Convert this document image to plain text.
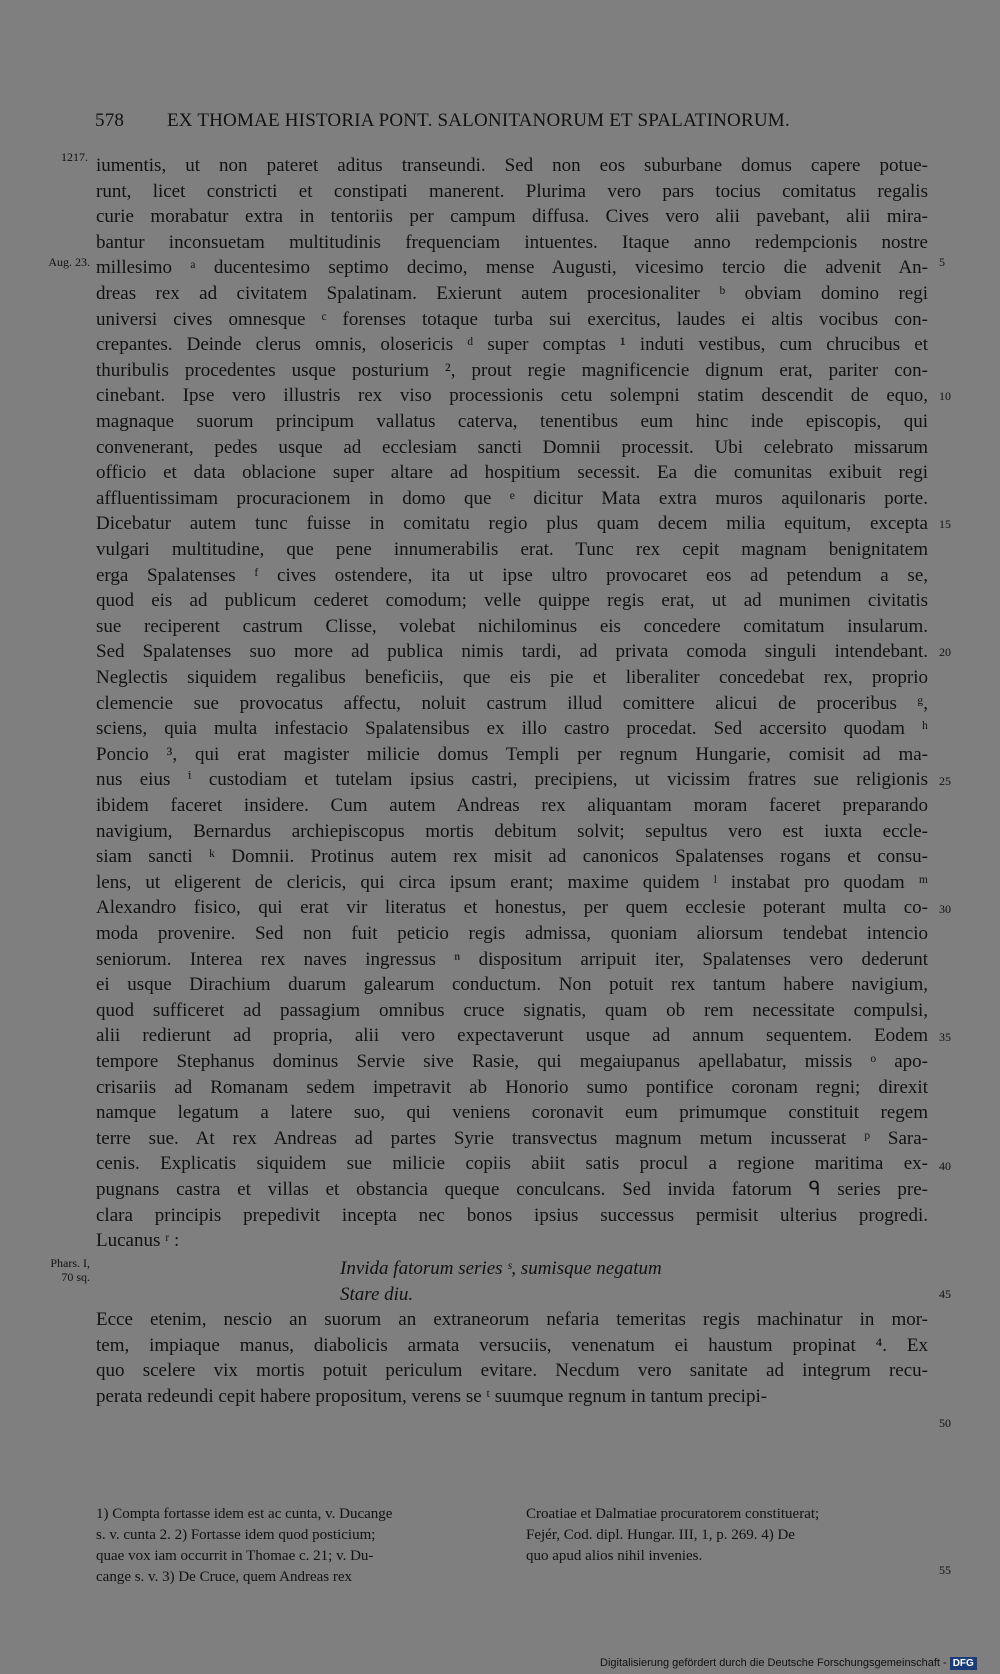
578 EX THOMAE HISTORIA PONT. SALONITANORUM ET SPALATINORUM.
iumentis, ut non pateret aditus transeundi. Sed non eos suburbane domus capere potue-
runt, licet constricti et constipati manerent. Plurima vero pars tocius comitatus regalis
curie morabatur extra in tentoriis per campum diffusa. Cives vero alii pavebant, alii mira-
bantur inconsuetam multitudinis frequenciam intuentes. Itaque anno redempcionis nostre
millesimo ᵃ ducentesimo septimo decimo, mense Augusti, vicesimo tercio die advenit An-
dreas rex ad civitatem Spalatinam. Exierunt autem procesionaliter ᵇ obviam domino regi
universi cives omnesque ᶜ forenses totaque turba sui exercitus, laudes ei altis vocibus con-
crepantes. Deinde clerus omnis, olosericis ᵈ super comptas ¹ induti vestibus, cum chrucibus et
thuribulis procedentes usque posturium ², prout regie magnificencie dignum erat, pariter con-
cinebant. Ipse vero illustris rex viso processionis cetu solempni statim descendit de equo,
magnaque suorum principum vallatus caterva, tenentibus eum hinc inde episcopis, qui
convenerant, pedes usque ad ecclesiam sancti Domnii processit. Ubi celebrato missarum
officio et data oblacione super altare ad hospitium secessit. Ea die comunitas exibuit regi
affluentissimam procuracionem in domo que ᵉ dicitur Mata extra muros aquilonaris porte.
Dicebatur autem tunc fuisse in comitatu regio plus quam decem milia equitum, excepta
vulgari multitudine, que pene innumerabilis erat. Tunc rex cepit magnam benignitatem
erga Spalatenses ᶠ cives ostendere, ita ut ipse ultro provocaret eos ad petendum a se,
quod eis ad publicum cederet comodum; velle quippe regis erat, ut ad munimen civitatis
sue reciperent castrum Clisse, volebat nichilominus eis concedere comitatum insularum.
Sed Spalatenses suo more ad publica nimis tardi, ad privata comoda singuli intendebant.
Neglectis siquidem regalibus beneficiis, que eis pie et liberaliter concedebat rex, proprio
clemencie sue provocatus affectu, noluit castrum illud comittere alicui de proceribus ᵍ,
sciens, quia multa infestacio Spalatensibus ex illo castro procedat. Sed accersito quodam ʰ
Poncio ³, qui erat magister milicie domus Templi per regnum Hungarie, comisit ad ma-
nus eius ⁱ custodiam et tutelam ipsius castri, precipiens, ut vicissim fratres sue religionis
ibidem faceret insidere. Cum autem Andreas rex aliquantam moram faceret preparando
navigium, Bernardus archiepiscopus mortis debitum solvit; sepultus vero est iuxta eccle-
siam sancti ᵏ Domnii. Protinus autem rex misit ad canonicos Spalatenses rogans et consu-
lens, ut eligerent de clericis, qui circa ipsum erant; maxime quidem ˡ instabat pro quodam ᵐ
Alexandro fisico, qui erat vir literatus et honestus, per quem ecclesie poterant multa co-
moda provenire. Sed non fuit peticio regis admissa, quoniam aliorsum tendebat intencio
seniorum. Interea rex naves ingressus ⁿ dispositum arripuit iter, Spalatenses vero dederunt
ei usque Dirachium duarum galearum conductum. Non potuit rex tantum habere navigium,
quod sufficeret ad passagium omnibus cruce signatis, quam ob rem necessitate compulsi,
alii redierunt ad propria, alii vero expectaverunt usque ad annum sequentem. Eodem
tempore Stephanus dominus Servie sive Rasie, qui megaiupanus apellabatur, missis ᵒ apo-
crisariis ad Romanam sedem impetravit ab Honorio sumo pontifice coronam regni; direxit
namque legatum a latere suo, qui veniens coronavit eum primumque constituit regem
terre sue. At rex Andreas ad partes Syrie transvectus magnum metum incusserat ᵖ Sara-
cenis. Explicatis siquidem sue milicie copiis abiit satis procul a regione maritima ex-
pugnans castra et villas et obstancia queque conculcans. Sed invida fatorum ᑫ series pre-
clara principis prepedivit incepta nec bonos ipsius successus permisit ulterius progredi.
Lucanus ʳ :
Invida fatorum series ˢ, sumisque negatum
Stare diu.
Ecce etenim, nescio an suorum an extraneorum nefaria temeritas regis machinatur in mor-
tem, impiaque manus, diabolicis armata versuciis, venenatum ei haustum propinat ⁴. Ex
quo scelere vix mortis potuit periculum evitare. Necdum vero sanitate ad integrum recu-
perata redeundi cepit habere propositum, verens se ᵗ suumque regnum in tantum precipi-
1217.
Aug. 23.
Phars. I,
70 sq.
5
10
15
20
25
30
35
40
45
50
55
1) Compta fortasse idem est ac cunta, v. Ducange
s. v. cunta 2. 2) Fortasse idem quod posticium;
quae vox iam occurrit in Thomae c. 21; v. Du-
cange s. v. 3) De Cruce, quem Andreas rex
Croatiae et Dalmatiae procuratorem constituerat;
Fejér, Cod. dipl. Hungar. III, 1, p. 269. 4) De
quo apud alios nihil invenies.
Digitalisierung gefördert durch die Deutsche Forschungsgemeinschaft - DFG
